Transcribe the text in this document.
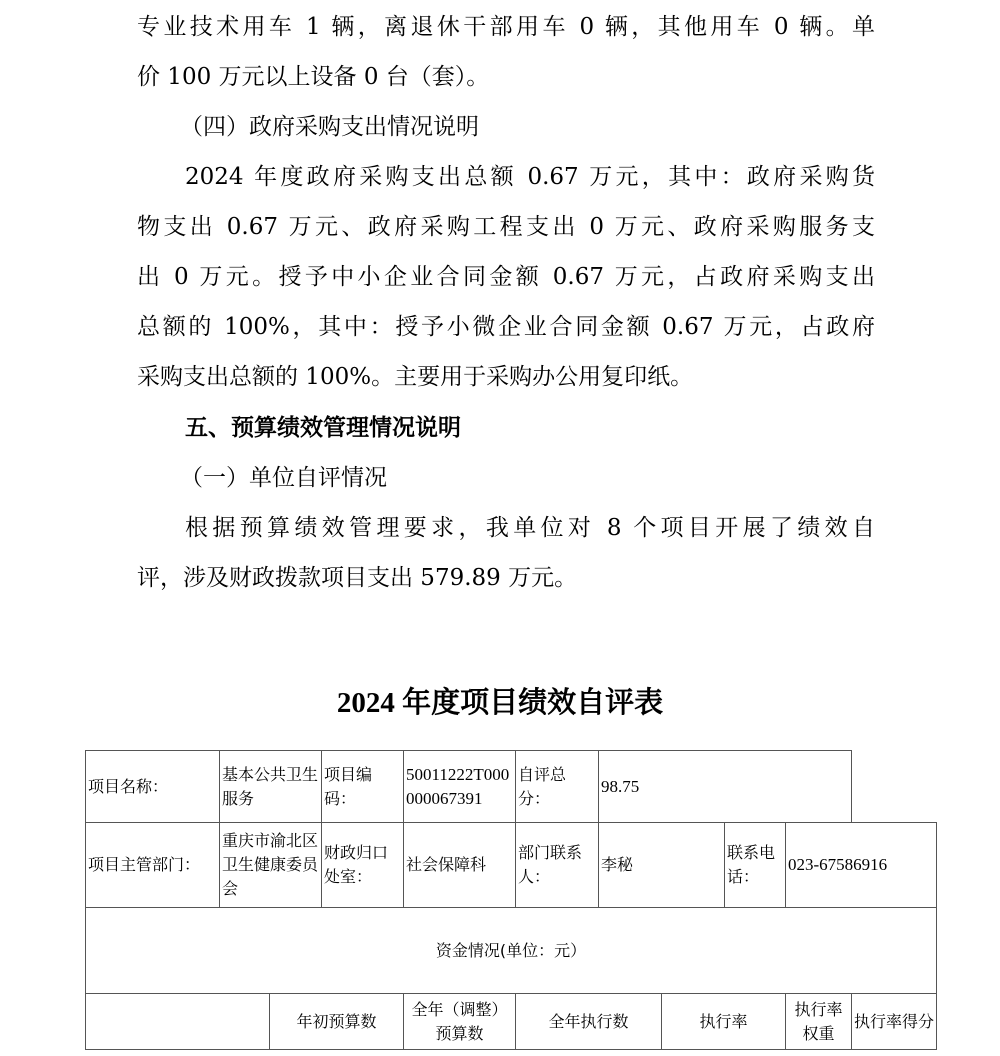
专业技术用车 1 辆，离退休干部用车 0 辆，其他用车 0 辆。单
价 100 万元以上设备 0 台（套）。
（四）政府采购支出情况说明
2024 年度政府采购支出总额 0.67 万元，其中：政府采购货
物支出 0.67 万元、政府采购工程支出 0 万元、政府采购服务支
出 0 万元。授予中小企业合同金额 0.67 万元，占政府采购支出
总额的 100%，其中：授予小微企业合同金额 0.67 万元，占政府
采购支出总额的 100%。主要用于采购办公用复印纸。
五、预算绩效管理情况说明
（一）单位自评情况
根据预算绩效管理要求，我单位对 8 个项目开展了绩效自
评，涉及财政拨款项目支出 579.89 万元。
2024 年度项目绩效自评表
项目名称：	基本公共卫生服务		项目编码：	50011222T000000067391	自评总分：	98.75				
项目主管部门：	重庆市渝北区卫生健康委员会		财政归口处室：	社会保障科	部门联系人：	李秘		联系电话：	023-67586916	
资金情况(单位：元）										
		年初预算数		全年（调整）预算数	全年执行数		执行率		执行率权重	执行率得分
